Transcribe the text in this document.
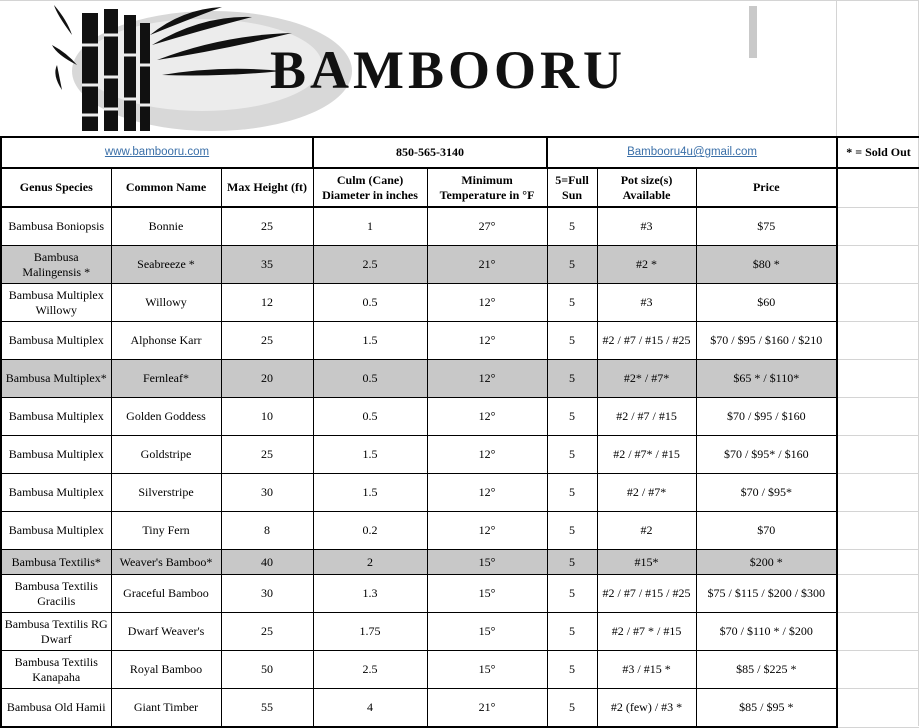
BAMBOORU
www.bambooru.com			850-565-3140		Bambooru4u@gmail.com			* = Sold Out
Genus Species	Common Name	Max Height (ft)	Culm (Cane) Diameter in inches	Minimum Temperature in °F	5=Full Sun	Pot size(s) Available	Price	
Bambusa Boniopsis	Bonnie	25	1	27°	5	#3	$75	
Bambusa Malingensis *	Seabreeze *	35	2.5	21°	5	#2 *	$80 *	
Bambusa Multiplex Willowy	Willowy	12	0.5	12°	5	#3	$60	
Bambusa Multiplex	Alphonse Karr	25	1.5	12°	5	#2 / #7 / #15 / #25	$70 / $95 / $160 / $210	
Bambusa Multiplex*	Fernleaf*	20	0.5	12°	5	#2* / #7*	$65 * / $110*	
Bambusa Multiplex	Golden Goddess	10	0.5	12°	5	#2 / #7 / #15	$70 / $95 / $160	
Bambusa Multiplex	Goldstripe	25	1.5	12°	5	#2 / #7* / #15	$70 / $95* / $160	
Bambusa Multiplex	Silverstripe	30	1.5	12°	5	#2 / #7*	$70 / $95*	
Bambusa Multiplex	Tiny Fern	8	0.2	12°	5	#2	$70	
Bambusa Textilis*	Weaver's Bamboo*	40	2	15°	5	#15*	$200 *	
Bambusa Textilis Gracilis	Graceful Bamboo	30	1.3	15°	5	#2 / #7 / #15 / #25	$75 / $115 / $200 / $300	
Bambusa Textilis RG Dwarf	Dwarf Weaver's	25	1.75	15°	5	#2 / #7 * / #15	$70 / $110 * / $200	
Bambusa Textilis Kanapaha	Royal Bamboo	50	2.5	15°	5	#3 / #15 *	$85 / $225 *	
Bambusa Old Hamii	Giant Timber	55	4	21°	5	#2 (few) / #3 *	$85 / $95 *	
